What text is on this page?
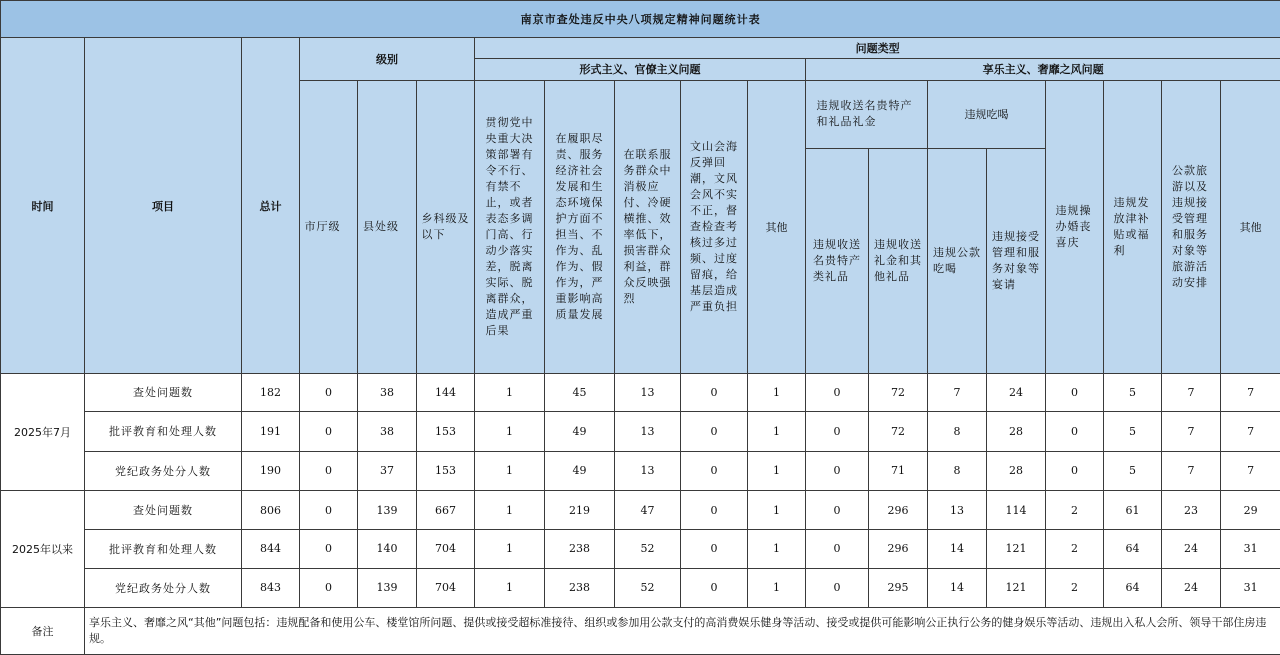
南京市查处违反中央八项规定精神问题统计表																		
时间	项目	总计	级别			问题类型												
						形式主义、官僚主义问题					享乐主义、奢靡之风问题							

			市厅级	县处级	乡科级及以下	贯彻党中央重大决策部署有令不行、有禁不止，或者表态多调门高、行动少落实差，脱离实际、脱离群众，造成严重后果	在履职尽责、服务经济社会发展和生态环境保护方面不担当、不作为、乱作为、假作为，严重影响高质量发展	在联系服务群众中消极应付、冷硬横推、效率低下，损害群众利益，群众反映强烈	文山会海反弹回潮，文风会风不实不正，督查检查考核过多过频、过度留痕，给基层造成严重负担	其他	违规收送名贵特产和礼品礼金		违规吃喝		违规操办婚丧喜庆	违规发放津补贴或福利	公款旅游以及违规接受管理和服务对象等旅游活动安排	其他

											违规收送名贵特产类礼品	违规收送礼金和其他礼品	违规公款吃喝	违规接受管理和服务对象等宴请				

2025年7月	查处问题数	182	0	38	144	1	45	13	0	1	0	72	7	24	0	5	7	7
	批评教育和处理人数	191	0	38	153	1	49	13	0	1	0	72	8	28	0	5	7	7
	党纪政务处分人数	190	0	37	153	1	49	13	0	1	0	71	8	28	0	5	7	7
2025年以来	查处问题数	806	0	139	667	1	219	47	0	1	0	296	13	114	2	61	23	29
	批评教育和处理人数	844	0	140	704	1	238	52	0	1	0	296	14	121	2	64	24	31
	党纪政务处分人数	843	0	139	704	1	238	52	0	1	0	295	14	121	2	64	24	31
备注	享乐主义、奢靡之风“其他”问题包括：违规配备和使用公车、楼堂馆所问题、提供或接受超标准接待、组织或参加用公款支付的高消费娱乐健身等活动、接受或提供可能影响公正执行公务的健身娱乐等活动、违规出入私人会所、领导干部住房违规。																	
